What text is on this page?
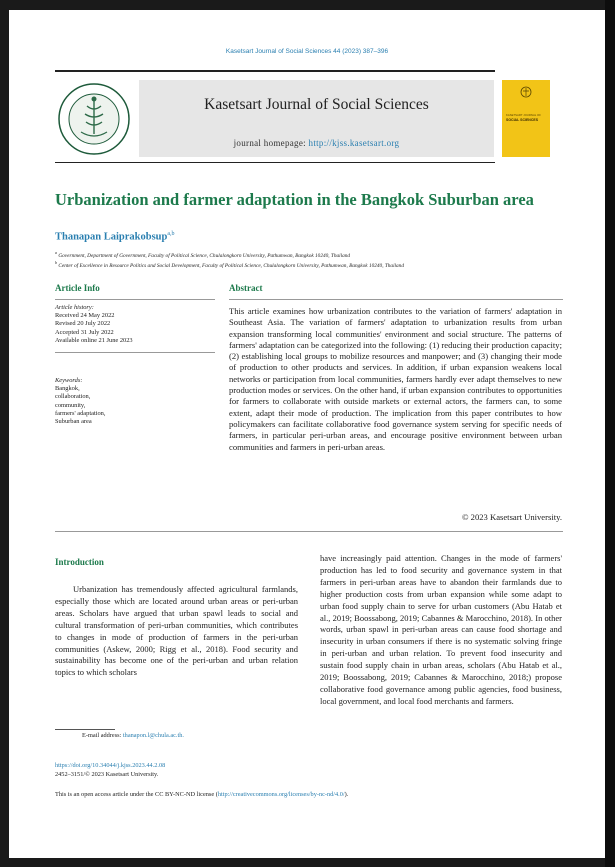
Kasetsart Journal of Social Sciences 44 (2023) 387–396
Kasetsart Journal of Social Sciences
journal homepage: http://kjss.kasetsart.org
KASETSART JOURNAL OF
SOCIAL SCIENCES
Urbanization and farmer adaptation in the Bangkok Suburban area
Thanapan Laiprakobsup$^{a,b}$
$^a$ Government, Department of Government, Faculty of Political Science, Chulalongkorn University, Pathumwan, Bangkok 10240, Thailand
$^b$ Center of Excellence in Resource Politics and Social Development, Faculty of Political Science, Chulalongkorn University, Pathumwan, Bangkok 10240, Thailand
Article Info
Article history:
Received 24 May 2022
Revised 20 July 2022
Accepted 31 July 2022
Available online 21 June 2023
Keywords:
Bangkok,
collaboration,
community,
farmers' adaptation,
Suburban area
Abstract
This article examines how urbanization contributes to the variation of farmers' adaptation in Southeast Asia. The variation of farmers' adaptation to urbanization results from urban expansion transforming local communities' environment and social structure. The patterns of farmers' adaptation can be categorized into the following: (1) reducing their production capacity; (2) establishing local groups to mobilize resources and manpower; and (3) changing their mode of production to other products and services. In addition, if urban expansion weakens local networks or participation from local communities, farmers hardly ever adapt themselves to new production modes or services. On the other hand, if urban expansion contributes to opportunities for farmers to collaborate with outside markets or external actors, the farmers can, to some extent, adapt their mode of production. The implication from this paper contributes to how policymakers can facilitate collaborative food governance system serving for specific needs of farmers, in particular peri-urban areas, and encourage positive environment between urban communities and farmers in peri-urban areas.
© 2023 Kasetsart University.
Introduction
Urbanization has tremendously affected agricultural farmlands, especially those which are located around urban areas or peri-urban areas. Scholars have argued that urban spawl leads to social and cultural transformation of peri-urban communities, which contributes to changes in mode of production of farmers in the peri-urban communities (Askew, 2000; Rigg et al., 2018). Food security and sustainability has become one of the peri-urban and urban relation topics to which scholars
have increasingly paid attention. Changes in the mode of farmers' production has led to food security and governance system in that farmers in peri-urban areas have to abandon their farmlands due to higher production costs from urban expansion while some adapt to urban food supply chain to serve for urban customers (Abu Hatab et al., 2019; Boossabong, 2019; Cabannes & Marocchino, 2018). In other words, urban spawl in peri-urban areas can cause food shortage and insecurity in urban consumers if there is no systematic solving fringe in peri-urban and urban relation. To prevent food insecurity and sustain food supply chain in urban areas, scholars (Abu Hatab et al., 2019; Boossabong, 2019; Cabannes & Marocchino, 2018;) propose collaborative food governance among public agencies, food business, local government, and local food merchants and farmers.
E-mail address: thanapon.l@chula.ac.th.
https://doi.org/10.34044/j.kjss.2023.44.2.08
2452–3151/© 2023 Kasetsart University.
This is an open access article under the CC BY-NC-ND license (http://creativecommons.org/licenses/by-nc-nd/4.0/).
